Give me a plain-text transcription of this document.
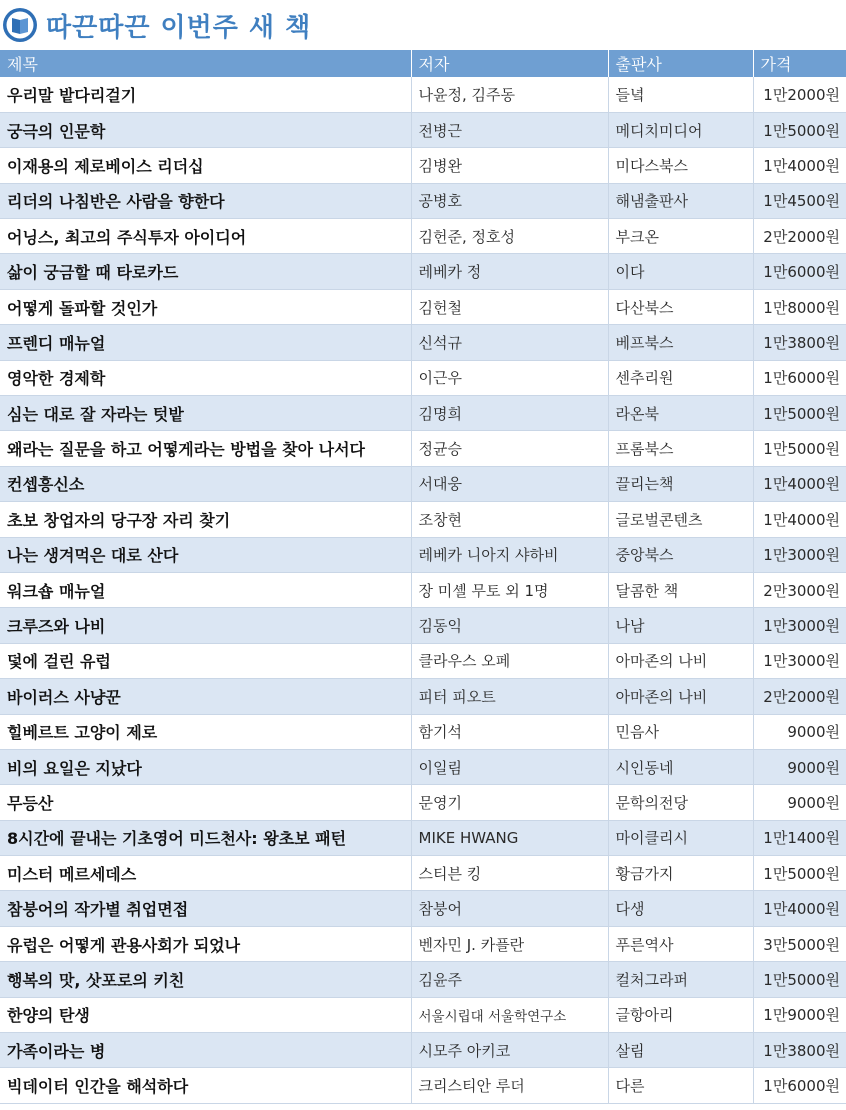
따끈따끈 이번주 새 책
제목	저자	출판사	가격
우리말 밭다리걸기	나윤정, 김주동	들녘	1만2000원
궁극의 인문학	전병근	메디치미디어	1만5000원
이재용의 제로베이스 리더십	김병완	미다스북스	1만4000원
리더의 나침반은 사람을 향한다	공병호	해냄출판사	1만4500원
어닝스, 최고의 주식투자 아이디어	김헌준, 정호성	부크온	2만2000원
삶이 궁금할 때 타로카드	레베카 정	이다	1만6000원
어떻게 돌파할 것인가	김헌철	다산북스	1만8000원
프렌디 매뉴얼	신석규	베프북스	1만3800원
영악한 경제학	이근우	센추리원	1만6000원
심는 대로 잘 자라는 텃밭	김명희	라온북	1만5000원
왜라는 질문을 하고 어떻게라는 방법을 찾아 나서다	정균승	프롬북스	1만5000원
컨셉흥신소	서대웅	끌리는책	1만4000원
초보 창업자의 당구장 자리 찾기	조창현	글로벌콘텐츠	1만4000원
나는 생겨먹은 대로 산다	레베카 니아지 샤하비	중앙북스	1만3000원
워크숍 매뉴얼	장 미셸 무토 외 1명	달콤한 책	2만3000원
크루즈와 나비	김동익	나남	1만3000원
덫에 걸린 유럽	클라우스 오페	아마존의 나비	1만3000원
바이러스 사냥꾼	피터 피오트	아마존의 나비	2만2000원
힐베르트 고양이 제로	함기석	민음사	9000원
비의 요일은 지났다	이일림	시인동네	9000원
무등산	문영기	문학의전당	9000원
8시간에 끝내는 기초영어 미드천사: 왕초보 패턴	MIKE HWANG	마이클리시	1만1400원
미스터 메르세데스	스티븐 킹	황금가지	1만5000원
참붕어의 작가별 취업면접	참붕어	다생	1만4000원
유럽은 어떻게 관용사회가 되었나	벤자민 J. 카플란	푸른역사	3만5000원
행복의 맛, 삿포로의 키친	김윤주	컬처그라퍼	1만5000원
한양의 탄생	서울시립대 서울학연구소	글항아리	1만9000원
가족이라는 병	시모주 아키코	살림	1만3800원
빅데이터 인간을 해석하다	크리스티안 루더	다른	1만6000원
